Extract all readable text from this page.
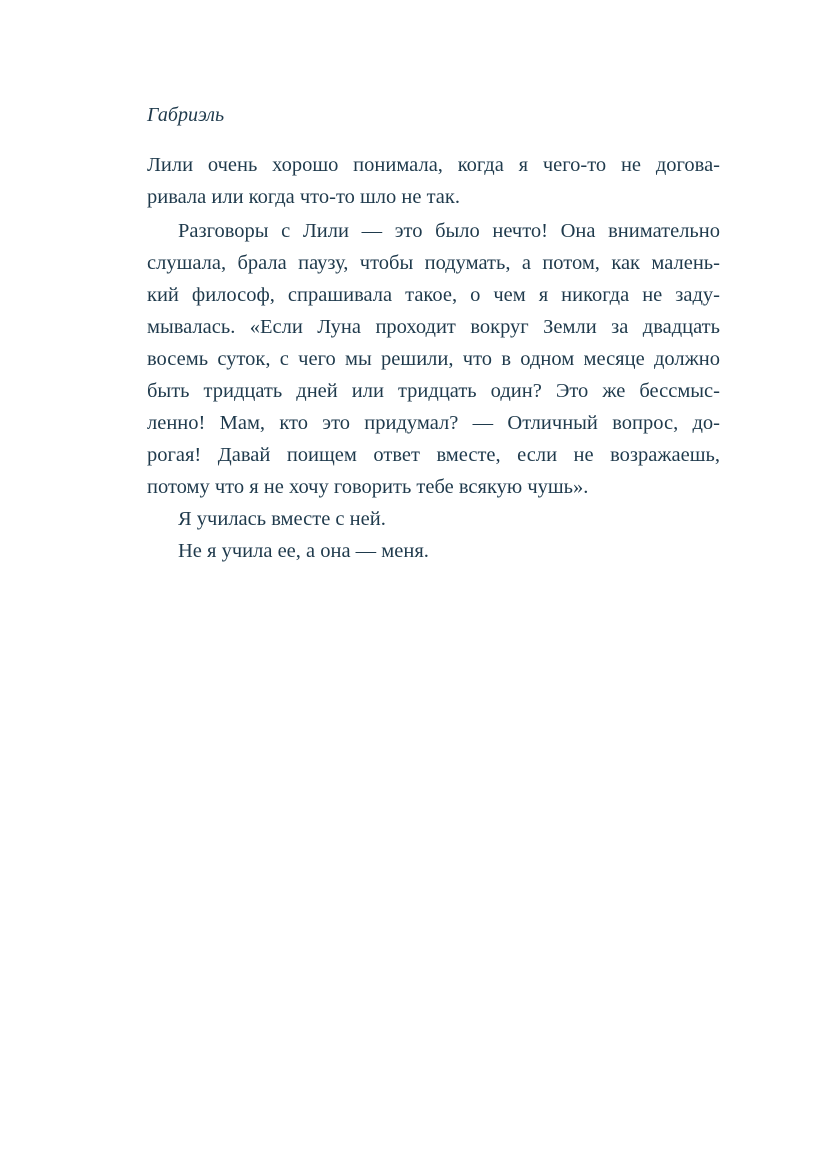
Габриэль
Лили очень хорошо понимала, когда я чего-то не догова-
ривала или когда что-то шло не так.
Разговоры с Лили — это было нечто! Она внимательно
слушала, брала паузу, чтобы подумать, а потом, как малень-
кий философ, спрашивала такое, о чем я никогда не заду-
мывалась. «Если Луна проходит вокруг Земли за двадцать
восемь суток, с чего мы решили, что в одном месяце должно
быть тридцать дней или тридцать один? Это же бессмыс-
ленно! Мам, кто это придумал? — Отличный вопрос, до-
рогая! Давай поищем ответ вместе, если не возражаешь,
потому что я не хочу говорить тебе всякую чушь».
Я училась вместе с ней.
Не я учила ее, а она — меня.
